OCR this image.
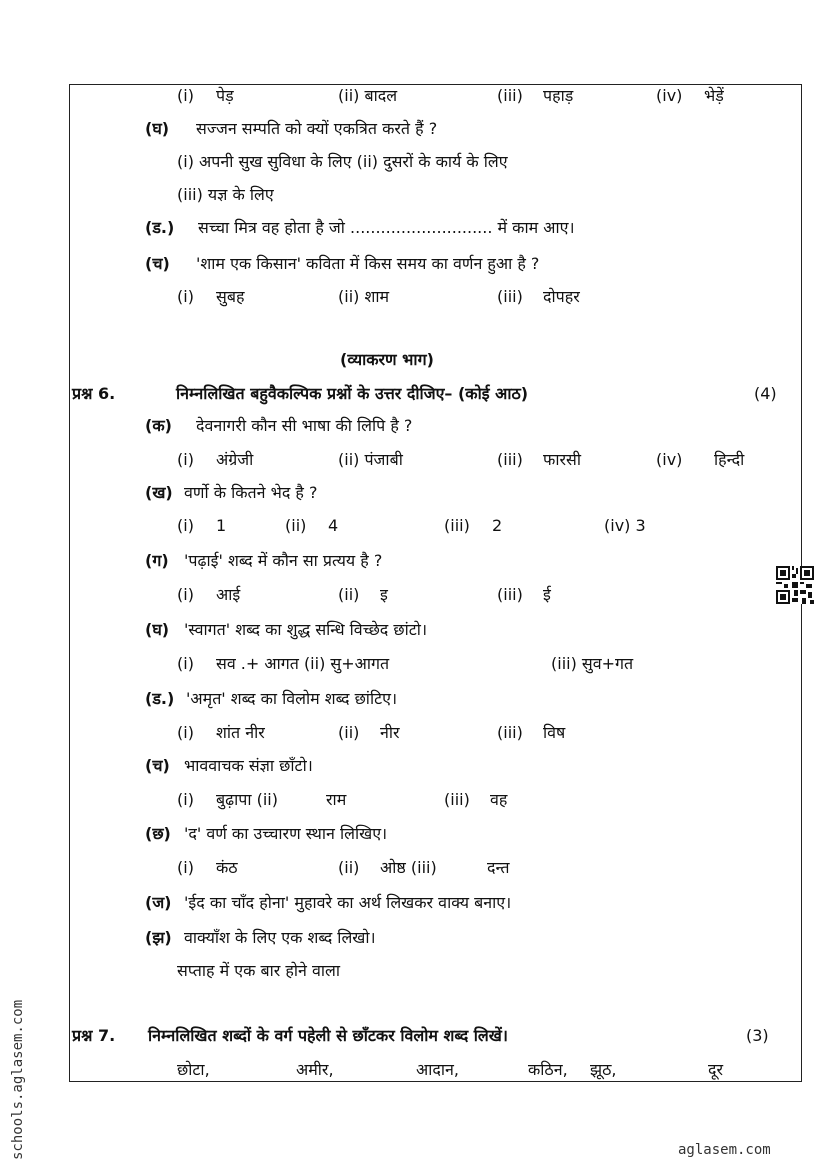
(i) पेड़	(ii) बादल	(iii) पहाड़	(iv) भेड़ें
(घ) सज्जन सम्पति को क्यों एकत्रित करते हैं ?
(i) अपनी सुख सुविधा के लिए (ii) दुसरों के कार्य के लिए
(iii) यज्ञ के लिए
(ड.) सच्चा मित्र वह होता है जो ............................ में काम आए।
(च) 'शाम एक किसान' कविता में किस समय का वर्णन हुआ है ?
(i) सुबह	(ii) शाम	(iii) दोपहर
(व्याकरण भाग)
प्रश्न 6.	निम्नलिखित बहुवैकल्पिक प्रश्नों के उत्तर दीजिए– (कोई आठ)	(4)
(क) देवनागरी कौन सी भाषा की लिपि है ?
(i) अंग्रेजी	(ii) पंजाबी	(iii) फारसी	(iv) हिन्दी
(ख) वर्णो के कितने भेद है ?
(i) 1	(ii) 4	(iii) 2	(iv) 3
(ग) 'पढ़ाई' शब्द में कौन सा प्रत्यय है ?
(i) आई	(ii) इ	(iii) ई
(घ) 'स्वागत' शब्द का शुद्ध सन्धि विच्छेद छांटो।
(i) सव .+ आगत (ii) सु+आगत	(iii) सुव+गत
(ड.) 'अमृत' शब्द का विलोम शब्द छांटिए।
(i) शांत नीर	(ii) नीर	(iii) विष
(च) भाववाचक संज्ञा छाँटो।
(i) बुढ़ापा (ii)	राम	(iii) वह
(छ) 'द' वर्ण का उच्चारण स्थान लिखिए।
(i) कंठ	(ii) ओष्ठ (iii)	दन्त
(ज) 'ईद का चाँद होना' मुहावरे का अर्थ लिखकर वाक्य बनाए।
(झ) वाक्याँश के लिए एक शब्द लिखो।
सप्ताह में एक बार होने वाला
प्रश्न 7. निम्नलिखित शब्दों के वर्ग पहेली से छाँटकर विलोम शब्द लिखें।	(3)
छोटा,	अमीर,	आदान,	कठिन, झूठ,	दूर
schools.aglasem.com	aglasem.com
